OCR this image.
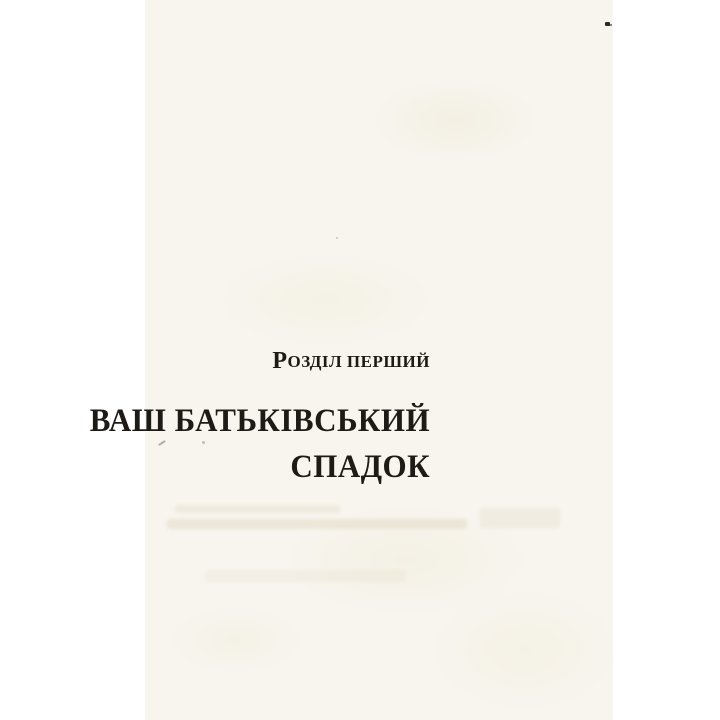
РОЗДІЛ ПЕРШИЙ
ВАШ БАТЬКІВСЬКИЙ
СПАДОК
